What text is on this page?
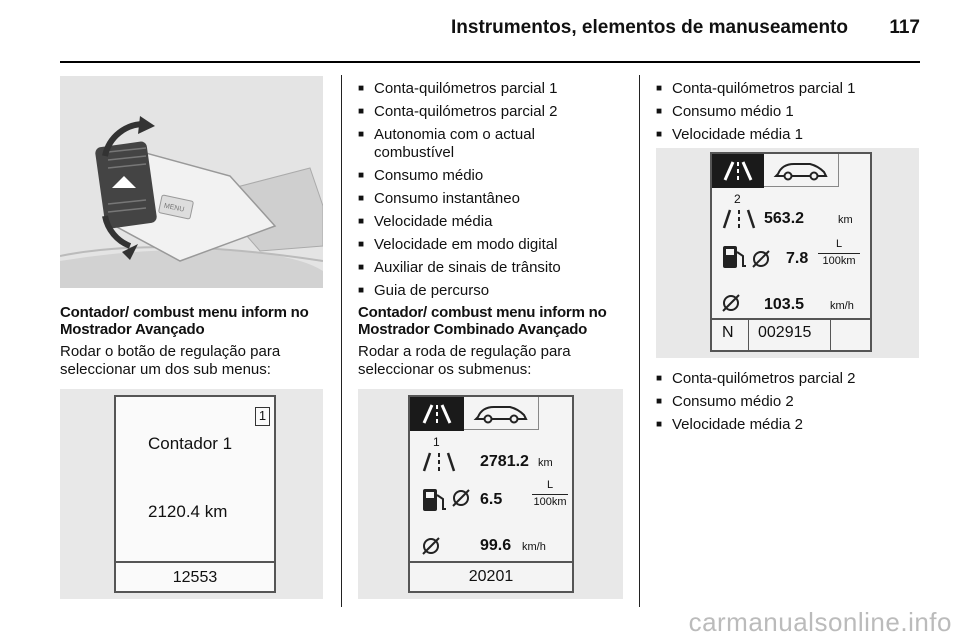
Instrumentos, elementos de manuseamento 117
MENU
Contador/ combust menu inform no Mostrador Avançado
Rodar o botão de regulação para seleccionar um dos sub menus:
1
Contador 1
2120.4 km
12553
■ Conta-quilómetros parcial 1
■ Conta-quilómetros parcial 2
■ Autonomia com o actual combustível
■ Consumo médio
■ Consumo instantâneo
■ Velocidade média
■ Velocidade em modo digital
■ Auxiliar de sinais de trânsito
■ Guia de percurso
Contador/ combust menu inform no Mostrador Combinado Avançado
Rodar a roda de regulação para seleccionar os submenus:
1
2781.2 km
6.5
L
100km
99.6 km/h
20201
■ Conta-quilómetros parcial 1
■ Consumo médio 1
■ Velocidade média 1
2
563.2	km
7.8
L
100km
103.5 km/h
N 002915
■ Conta-quilómetros parcial 2
■ Consumo médio 2
■ Velocidade média 2
carmanualsonline.info
